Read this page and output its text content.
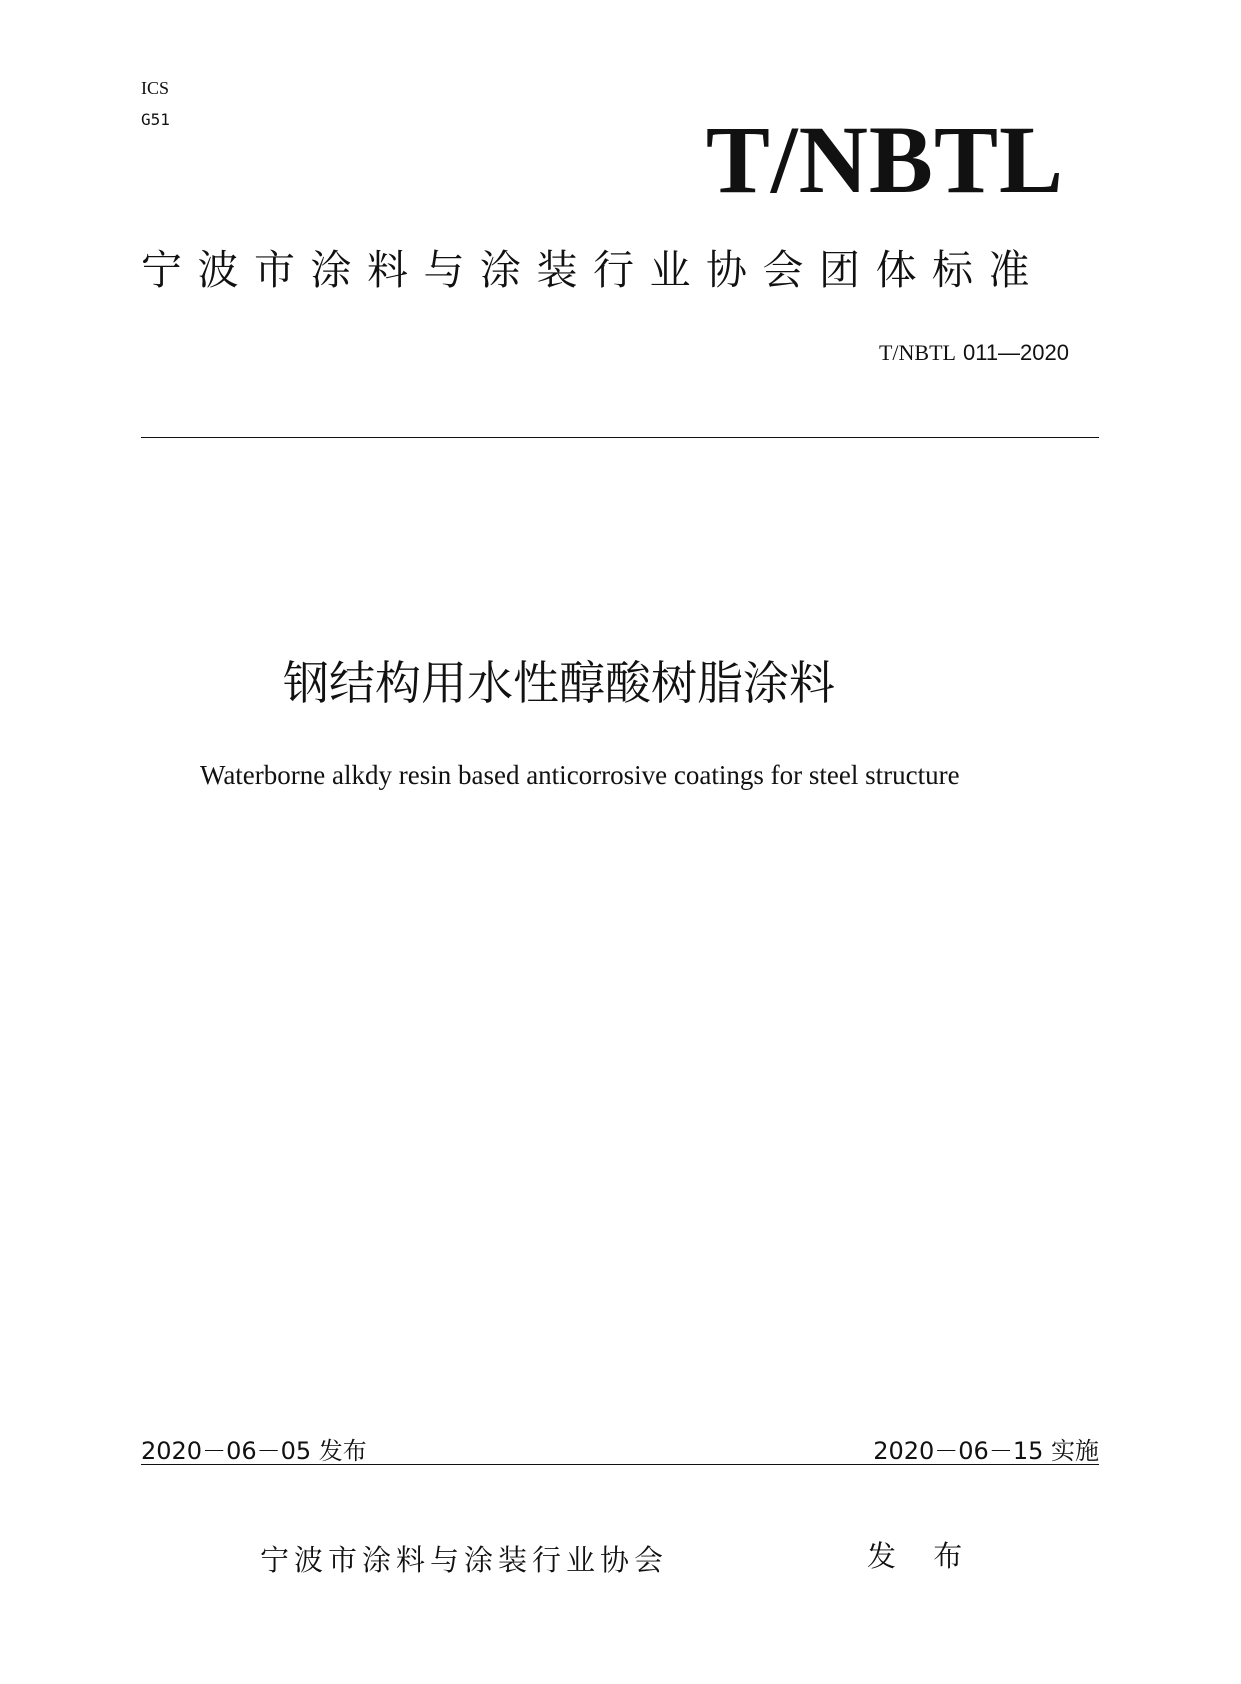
ICS
G51	T/NBTL
宁波市涂料与涂装行业协会团体标准
T/NBTL 011—2020
钢结构用水性醇酸树脂涂料
Waterborne alkdy resin based anticorrosive coatings for steel structure
2020－06－05 发布	2020－06－15 实施
宁波市涂料与涂装行业协会	发 布
